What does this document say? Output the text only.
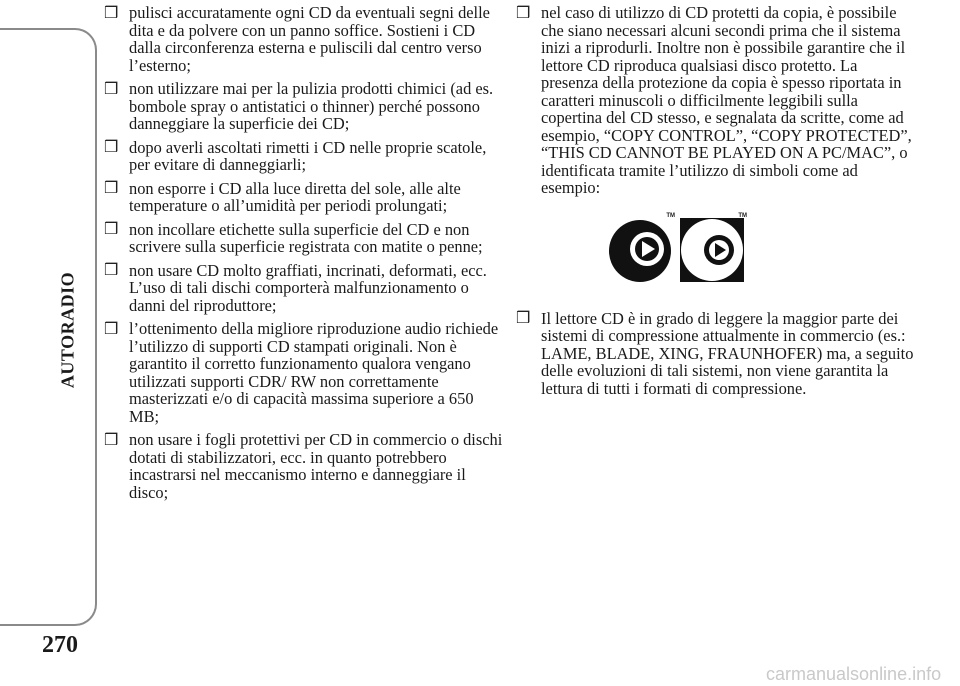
AUTORADIO
270
❒ pulisci accuratamente ogni CD da eventuali segni delle dita e da polvere con un panno soffice. Sostieni i CD dalla circonferenza esterna e puliscili dal centro verso l’esterno;
❒ non utilizzare mai per la pulizia prodotti chimici (ad es. bombole spray o antistatici o thinner) perché possono danneggiare la superficie dei CD;
❒ dopo averli ascoltati rimetti i CD nelle proprie scatole, per evitare di danneggiarli;
❒ non esporre i CD alla luce diretta del sole, alle alte temperature o all’umidità per periodi prolungati;
❒ non incollare etichette sulla superficie del CD e non scrivere sulla superficie registrata con matite o penne;
❒ non usare CD molto graffiati, incrinati, deformati, ecc. L’uso di tali dischi comporterà malfunzionamento o danni del riproduttore;
❒ l’ottenimento della migliore riproduzione audio richiede l’utilizzo di supporti CD stampati originali. Non è garantito il corretto funzionamento qualora vengano utilizzati supporti CDR/ RW non correttamente masterizzati e/o di capacità massima superiore a 650 MB;
❒ non usare i fogli protettivi per CD in commercio o dischi dotati di stabilizzatori, ecc. in quanto potrebbero incastrarsi nel meccanismo interno e danneggiare il disco;
❒ nel caso di utilizzo di CD protetti da copia, è possibile che siano necessari alcuni secondi prima che il sistema inizi a riprodurli. Inoltre non è possibile garantire che il lettore CD riproduca qualsiasi disco protetto. La presenza della protezione da copia è spesso riportata in caratteri minuscoli o difficilmente leggibili sulla copertina del CD stesso, e segnalata da scritte, come ad esempio, “COPY CONTROL”, “COPY PROTECTED”, “THIS CD CANNOT BE PLAYED ON A PC/MAC”, o identificata tramite l’utilizzo di simboli come ad esempio:
TM	TM
❒ Il lettore CD è in grado di leggere la maggior parte dei sistemi di compressione attualmente in commercio (es.: LAME, BLADE, XING, FRAUNHOFER) ma, a seguito delle evoluzioni di tali sistemi, non viene garantita la lettura di tutti i formati di compressione.
carmanualsonline.info
